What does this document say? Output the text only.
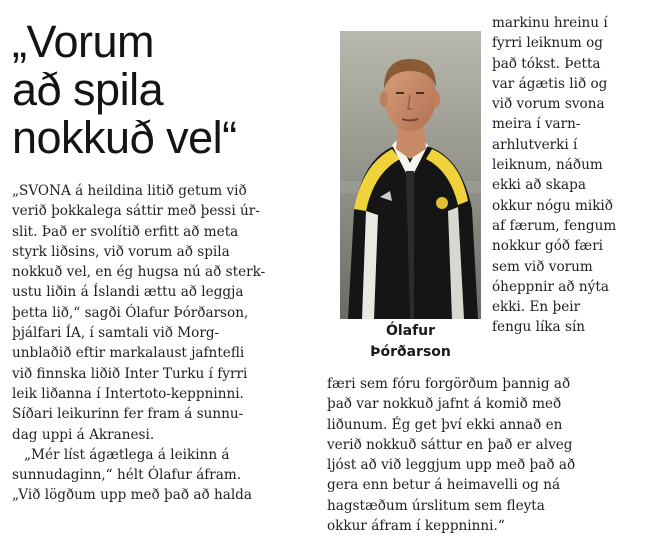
„Vorum
að spila
nokkuð vel“
„SVONA á heildina litið getum við
verið þokkalega sáttir með þessi úr-
slit. Það er svolítið erfitt að meta
styrk liðsins, við vorum að spila
nokkuð vel, en ég hugsa nú að sterk-
ustu liðin á Íslandi ættu að leggja
þetta lið,“ sagði Ólafur Þórðarson,
þjálfari ÍA, í samtali við Morg-
unblaðið eftir markalaust jafntefli
við finnska liðið Inter Turku í fyrri
leik liðanna í Intertoto-keppninni.
Síðari leikurinn fer fram á sunnu-
dag uppi á Akranesi.
„Mér líst ágætlega á leikinn á
sunnudaginn,“ hélt Ólafur áfram.
„Við lögðum upp með það að halda
Ólafur
Þórðarson
markinu hreinu í
fyrri leiknum og
það tókst. Þetta
var ágætis lið og
við vorum svona
meira í varn-
arhlutverki í
leiknum, náðum
ekki að skapa
okkur nógu mikið
af færum, fengum
nokkur góð færi
sem við vorum
óheppnir að nýta
ekki. En þeir
fengu líka sín
færi sem fóru forgörðum þannig að
það var nokkuð jafnt á komið með
liðunum. Ég get því ekki annað en
verið nokkuð sáttur en það er alveg
ljóst að við leggjum upp með það að
gera enn betur á heimavelli og ná
hagstæðum úrslitum sem fleyta
okkur áfram í keppninni.“
